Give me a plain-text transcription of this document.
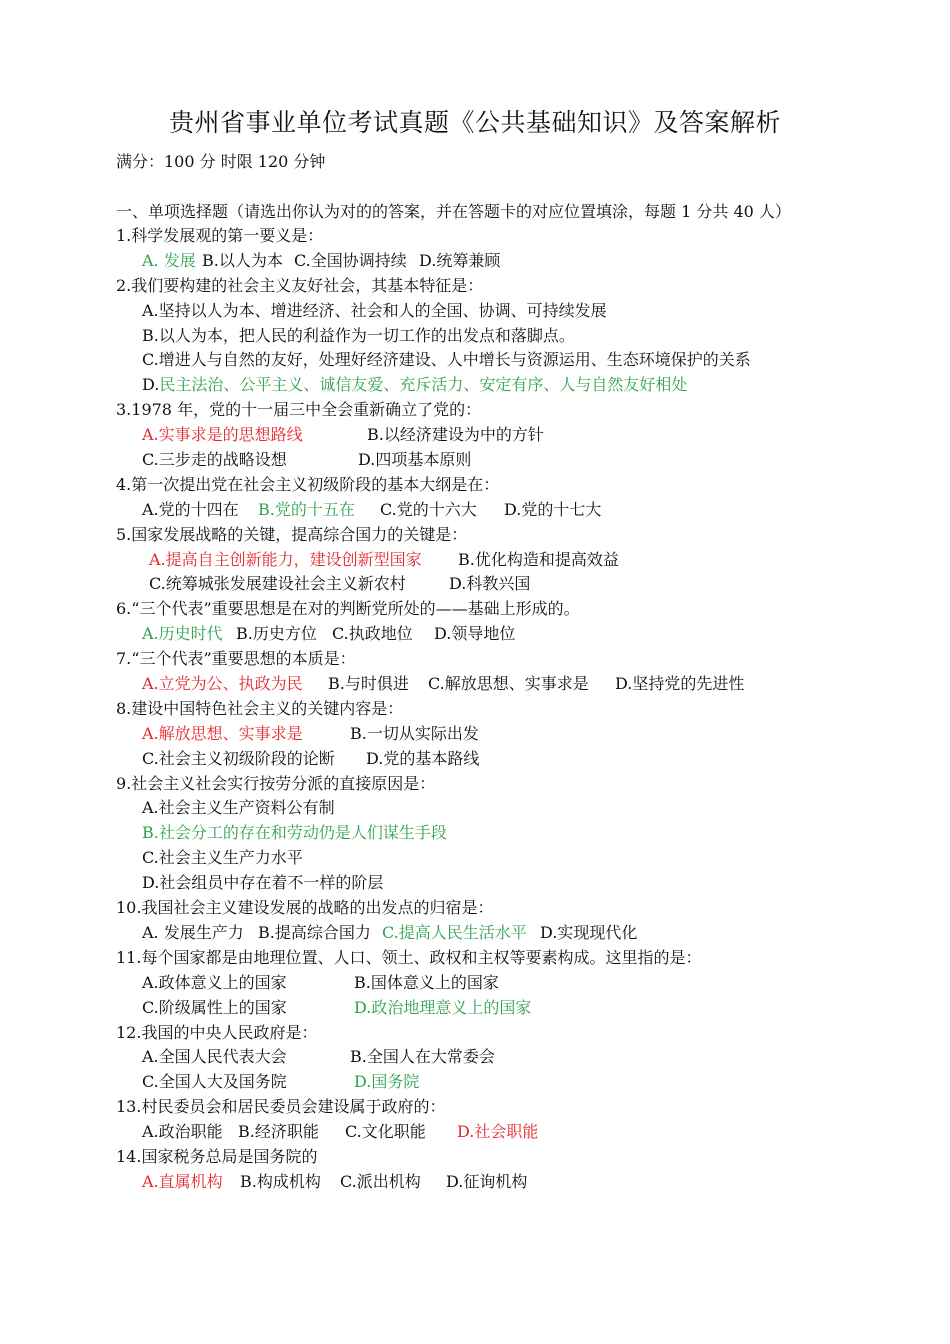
贵州省事业单位考试真题《公共基础知识》及答案解析
满分：100 分 时限 120 分钟
一、单项选择题（请选出你认为对的的答案，并在答题卡的对应位置填涂，每题 1 分共 40 人）
1.科学发展观的第一要义是：
A. 发展 B.以人为本 C.全国协调持续 D.统筹兼顾
2.我们要构建的社会主义友好社会，其基本特征是：
A.坚持以人为本、增进经济、社会和人的全国、协调、可持续发展
B.以人为本，把人民的利益作为一切工作的出发点和落脚点。
C.增进人与自然的友好，处理好经济建设、人中增长与资源运用、生态环境保护的关系
D.民主法治、公平主义、诚信友爱、充斥活力、安定有序、人与自然友好相处
3.1978 年，党的十一届三中全会重新确立了党的：
A.实事求是的思想路线	B.以经济建设为中的方针
C.三步走的战略设想	D.四项基本原则
4.第一次提出党在社会主义初级阶段的基本大纲是在：
A.党的十四在 B.党的十五在 C.党的十六大 D.党的十七大
5.国家发展战略的关键，提高综合国力的关键是：
A.提高自主创新能力，建设创新型国家 B.优化构造和提高效益
C.统筹城张发展建设社会主义新农村	D.科教兴国
6.“三个代表”重要思想是在对的判断党所处的——基础上形成的。
A.历史时代 B.历史方位 C.执政地位 D.领导地位
7.“三个代表”重要思想的本质是：
A.立党为公、执政为民 B.与时俱进 C.解放思想、实事求是 D.坚持党的先进性
8.建设中国特色社会主义的关键内容是：
A.解放思想、实事求是	B.一切从实际出发
C.社会主义初级阶段的论断 D.党的基本路线
9.社会主义社会实行按劳分派的直接原因是：
A.社会主义生产资料公有制
B.社会分工的存在和劳动仍是人们谋生手段
C.社会主义生产力水平
D.社会组员中存在着不一样的阶层
10.我国社会主义建设发展的战略的出发点的归宿是：
A. 发展生产力 B.提高综合国力 C.提高人民生活水平 D.实现现代化
11.每个国家都是由地理位置、人口、领土、政权和主权等要素构成。这里指的是：
A.政体意义上的国家	B.国体意义上的国家
C.阶级属性上的国家	D.政治地理意义上的国家
12.我国的中央人民政府是：
A.全国人民代表大会	B.全国人在大常委会
C.全国人大及国务院	D.国务院
13.村民委员会和居民委员会建设属于政府的：
A.政治职能 B.经济职能 C.文化职能 D.社会职能
14.国家税务总局是国务院的
A.直属机构 B.构成机构 C.派出机构 D.征询机构
